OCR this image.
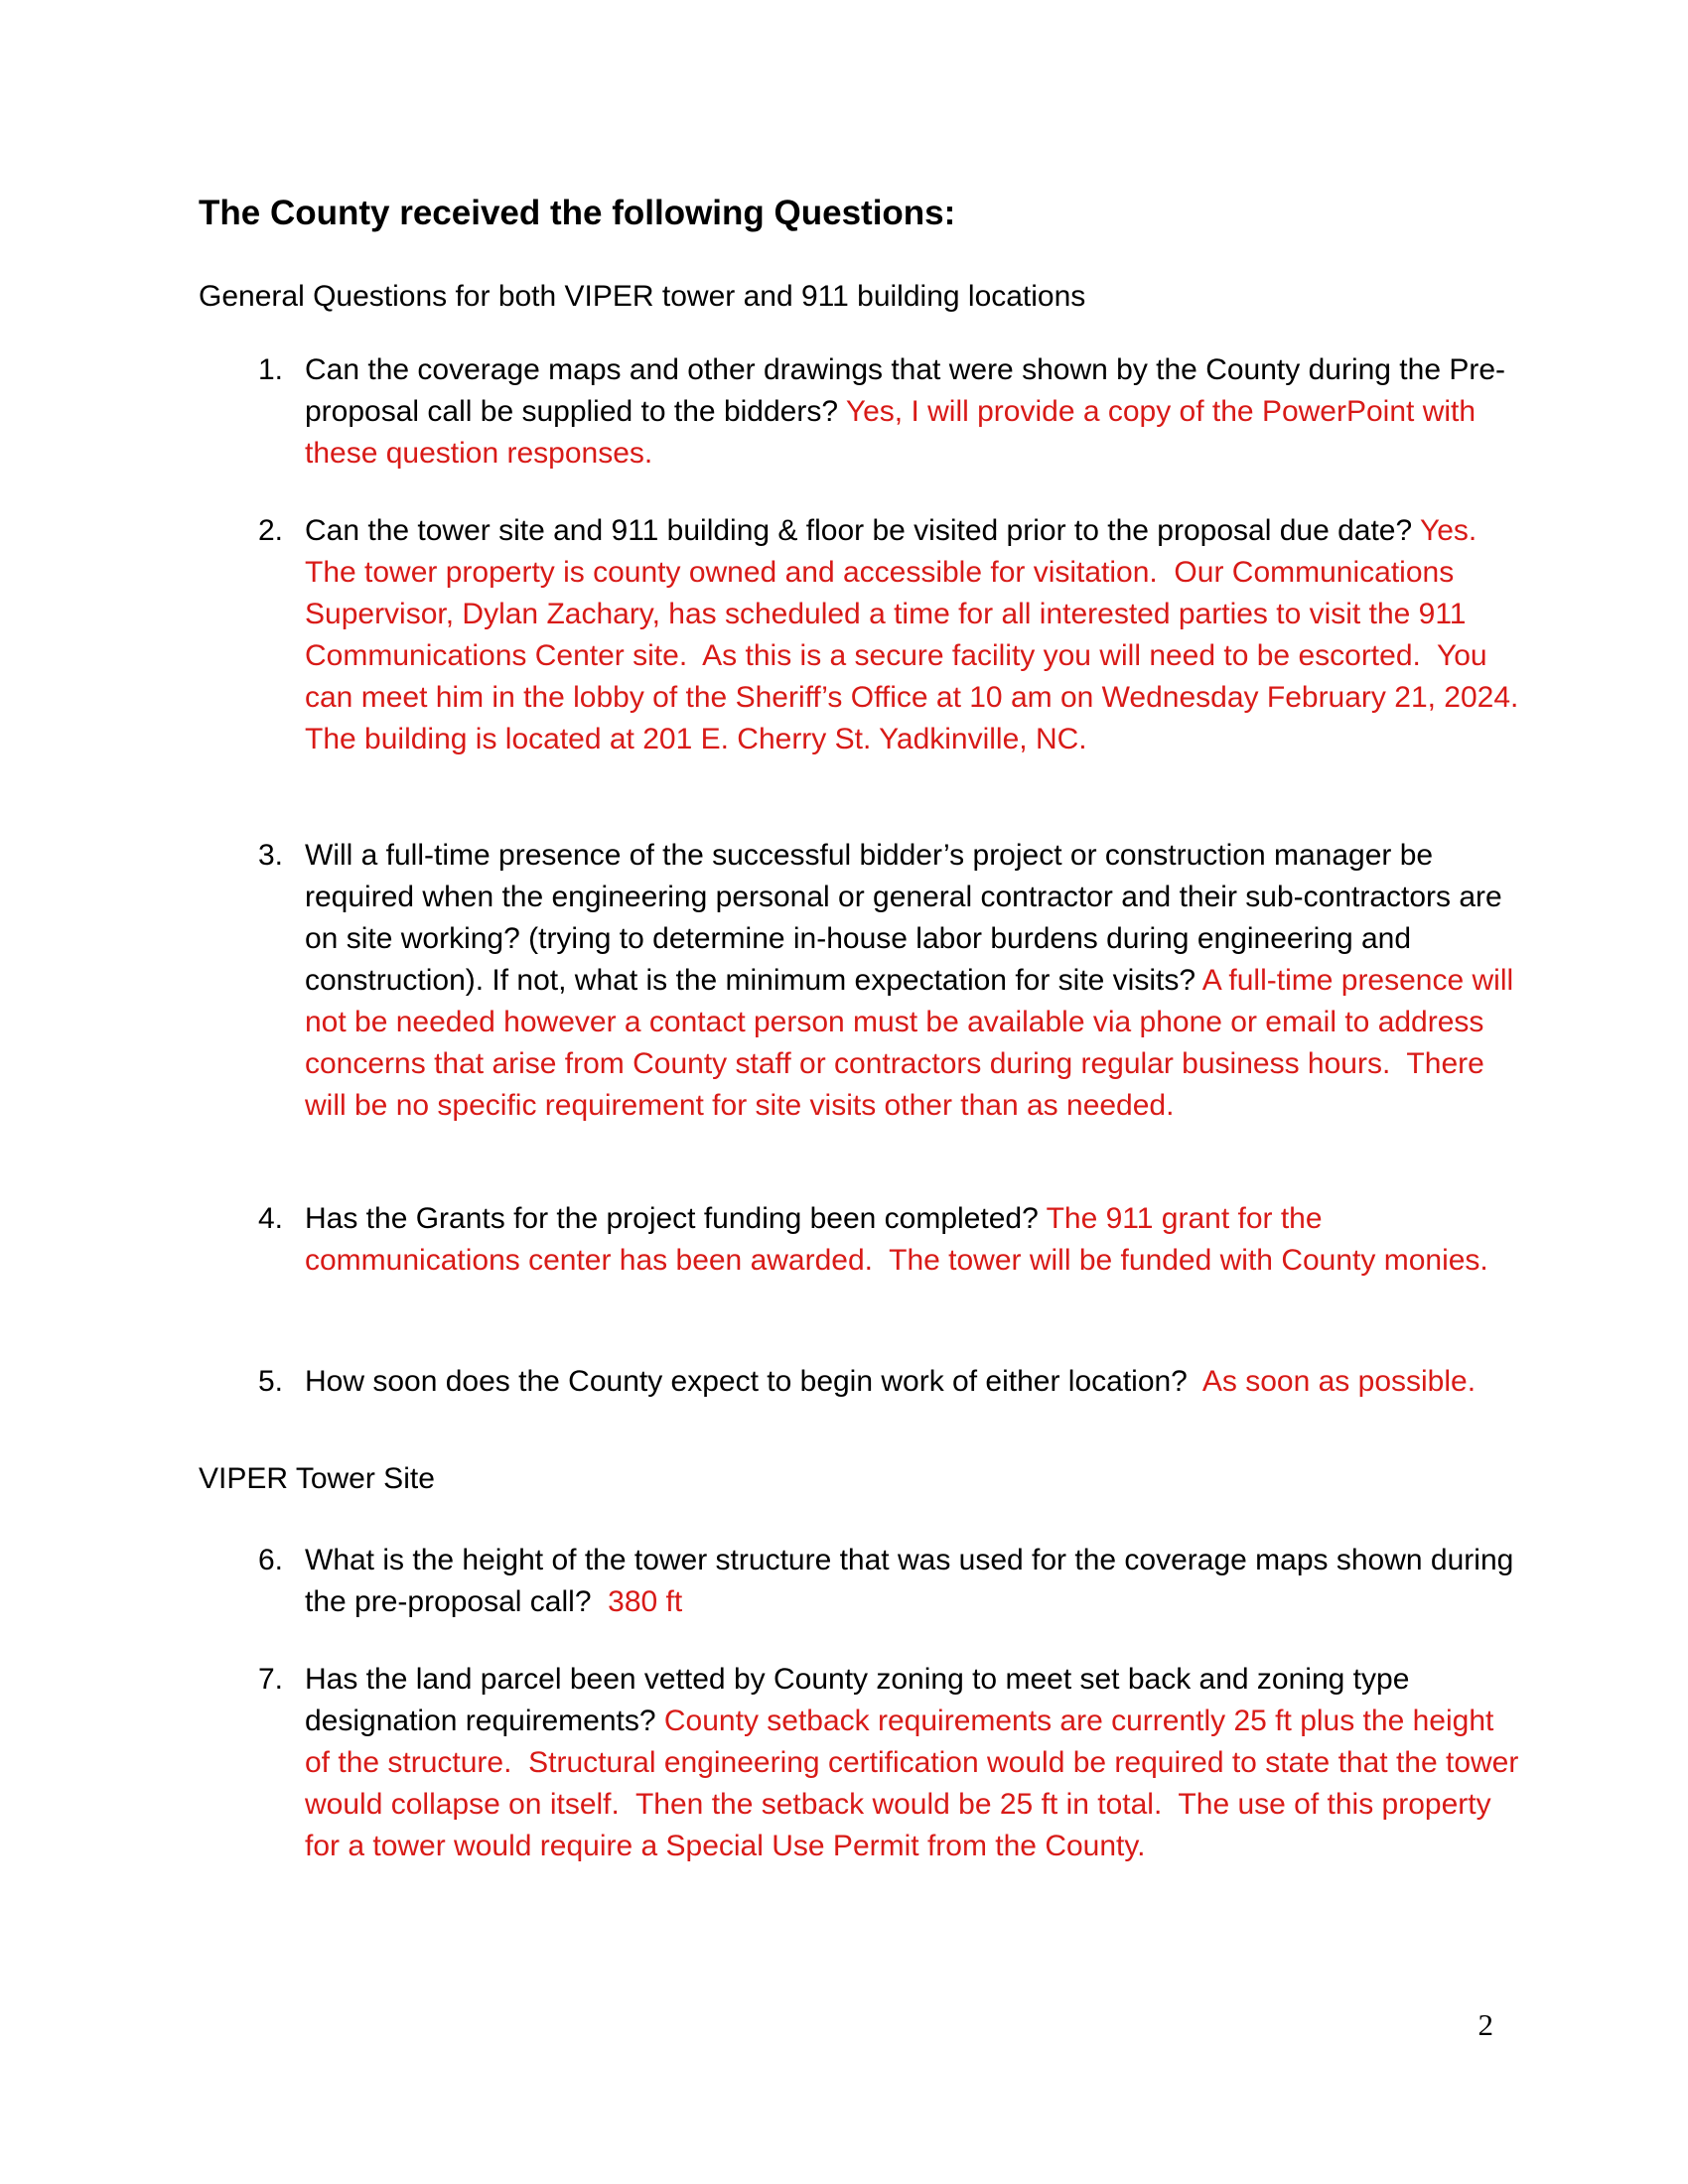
The County received the following Questions:
General Questions for both VIPER tower and 911 building locations
1. Can the coverage maps and other drawings that were shown by the County during the Pre-proposal call be supplied to the bidders? Yes, I will provide a copy of the PowerPoint with these question responses.
2. Can the tower site and 911 building & floor be visited prior to the proposal due date? Yes.  The tower property is county owned and accessible for visitation.  Our Communications Supervisor, Dylan Zachary, has scheduled a time for all interested parties to visit the 911 Communications Center site.  As this is a secure facility you will need to be escorted.  You can meet him in the lobby of the Sheriff’s Office at 10 am on Wednesday February 21, 2024.  The building is located at 201 E. Cherry St. Yadkinville, NC.
3. Will a full-time presence of the successful bidder’s project or construction manager be required when the engineering personal or general contractor and their sub-contractors are on site working? (trying to determine in-house labor burdens during engineering and construction). If not, what is the minimum expectation for site visits? A full-time presence will not be needed however a contact person must be available via phone or email to address concerns that arise from County staff or contractors during regular business hours.  There will be no specific requirement for site visits other than as needed.
4. Has the Grants for the project funding been completed? The 911 grant for the communications center has been awarded.  The tower will be funded with County monies.
5. How soon does the County expect to begin work of either location?  As soon as possible.
VIPER Tower Site
6. What is the height of the tower structure that was used for the coverage maps shown during the pre-proposal call?  380 ft
7. Has the land parcel been vetted by County zoning to meet set back and zoning type designation requirements? County setback requirements are currently 25 ft plus the height of the structure.  Structural engineering certification would be required to state that the tower would collapse on itself.  Then the setback would be 25 ft in total.  The use of this property for a tower would require a Special Use Permit from the County.
2
